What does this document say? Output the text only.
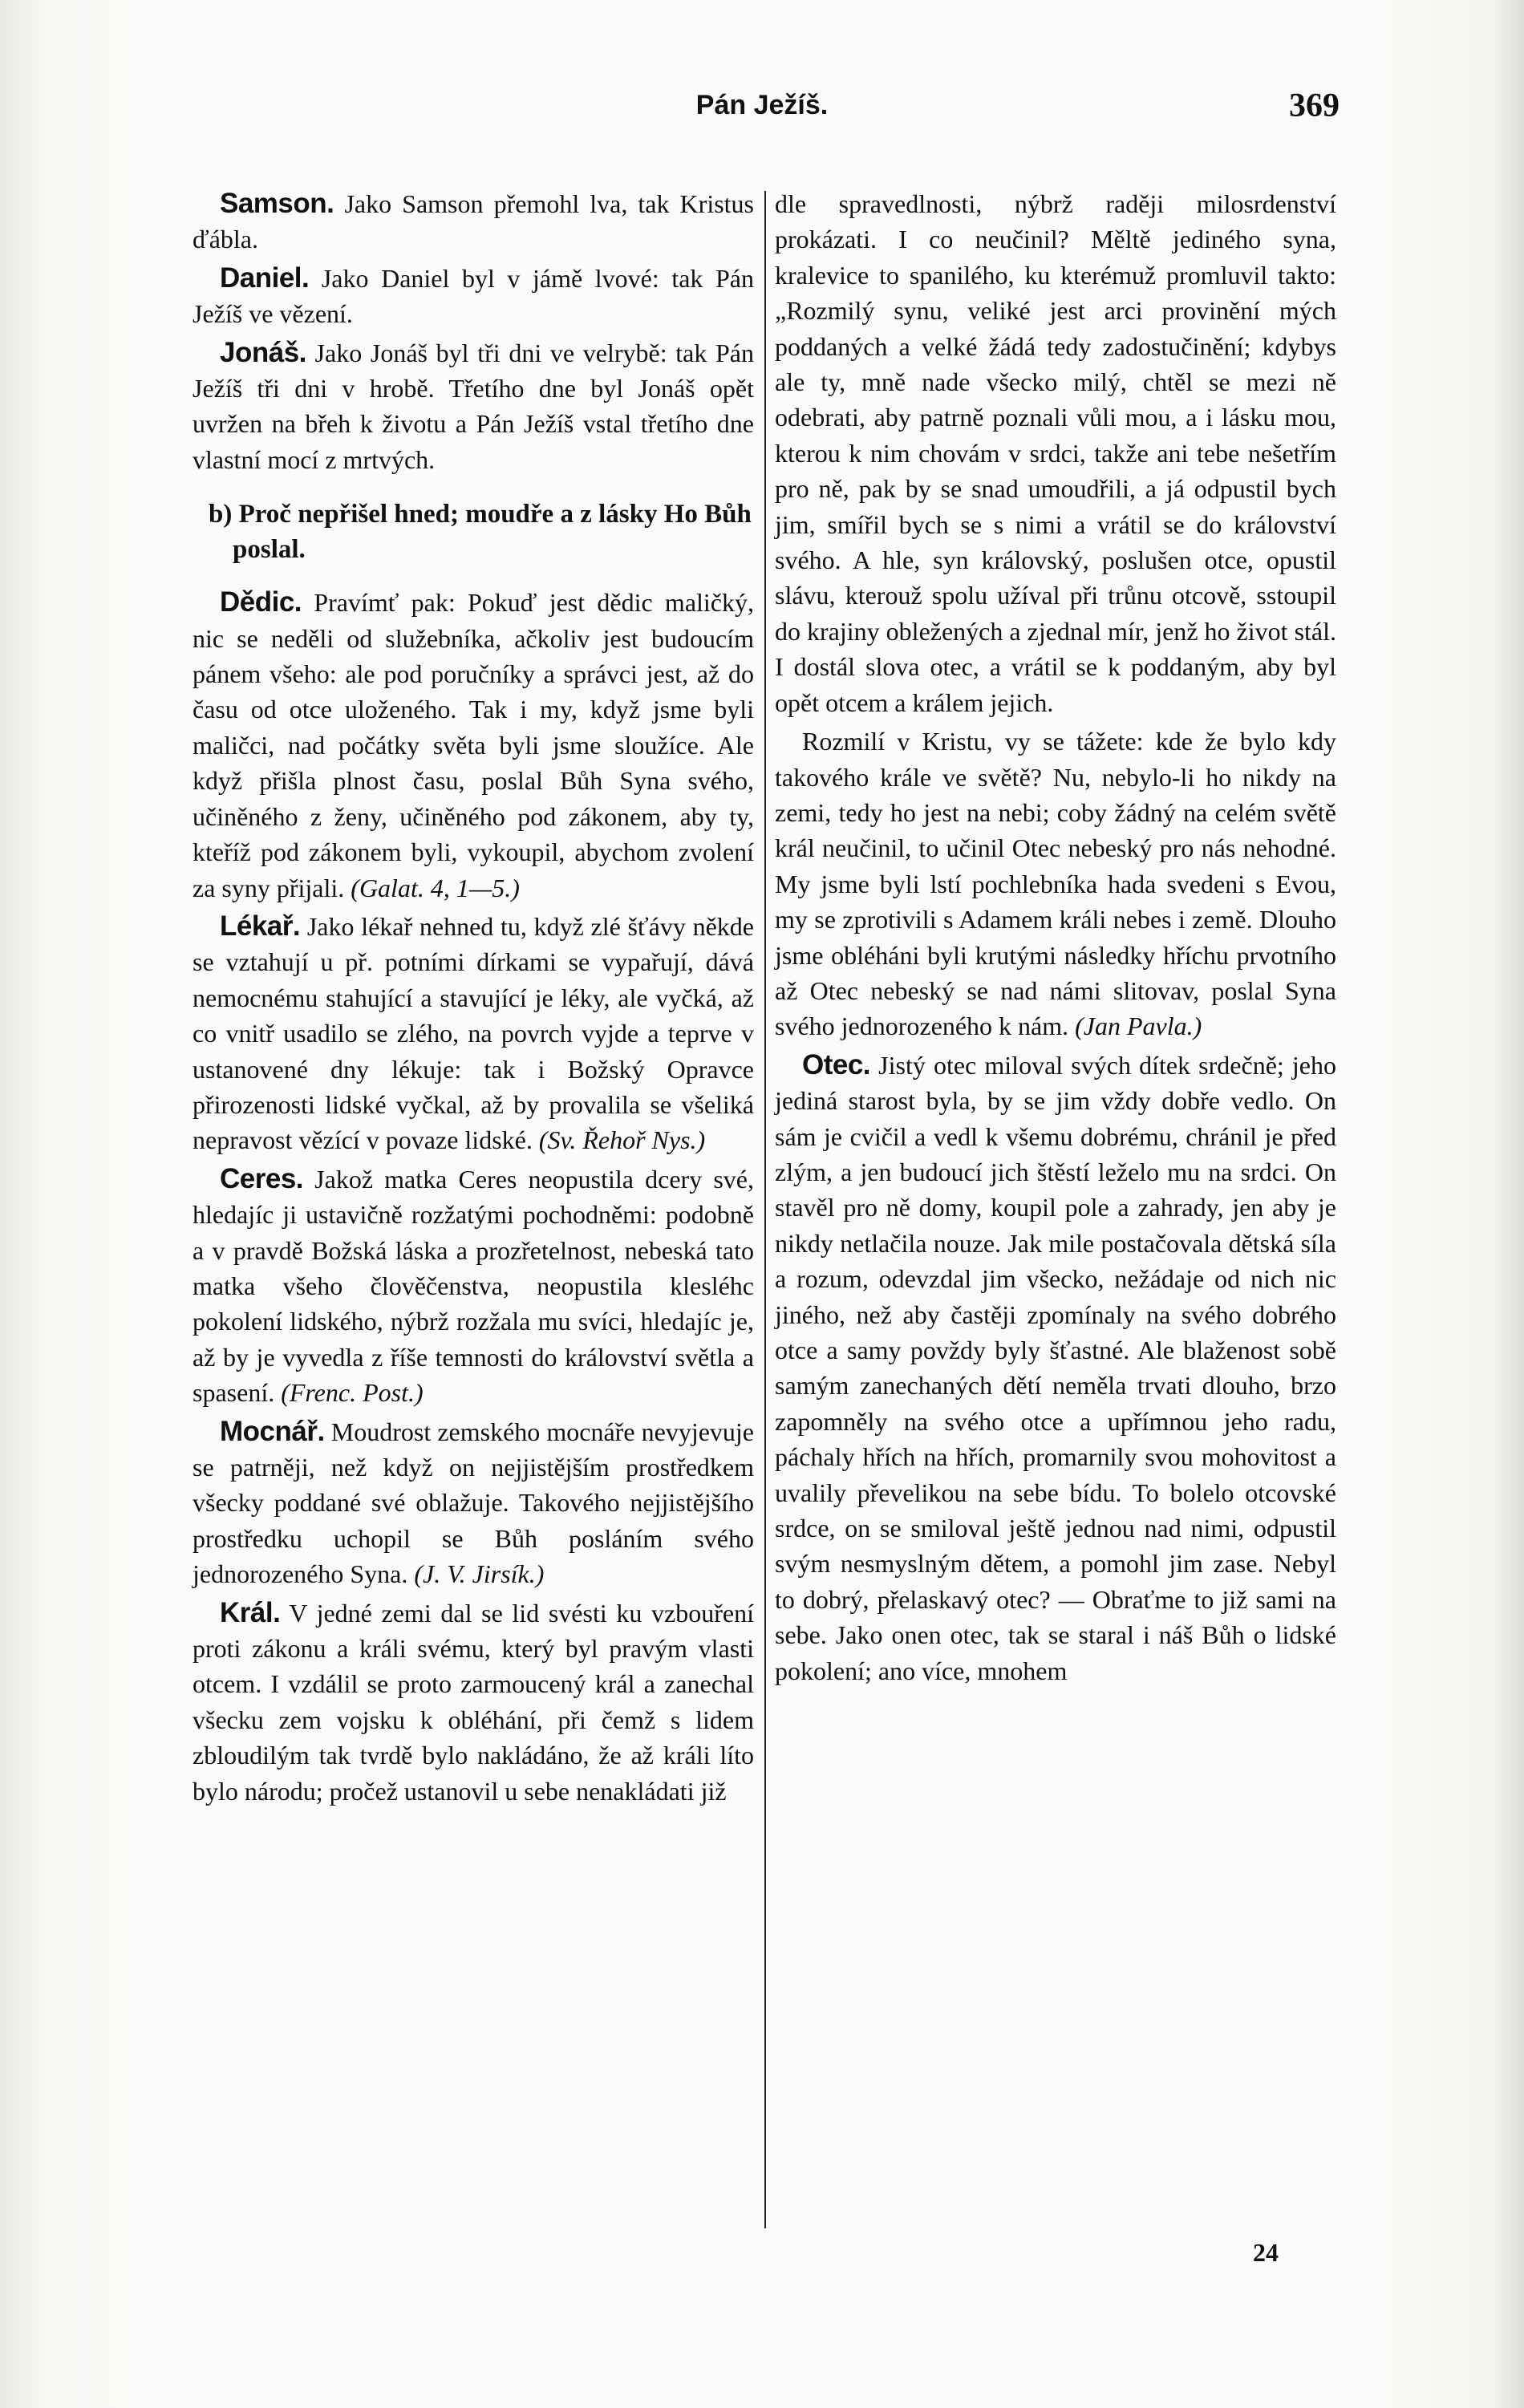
Pán Ježíš.	369

Samson. Jako Samson přemohl lva, tak Kristus ďábla.

Daniel. Jako Daniel byl v jámě lvové: tak Pán Ježíš ve vězení.

Jonáš. Jako Jonáš byl tři dni ve velrybě: tak Pán Ježíš tři dni v hrobě. Třetího dne byl Jonáš opět uvržen na břeh k životu a Pán Ježíš vstal třetího dne vlastní mocí z mrtvých.

b) Proč nepřišel hned; moudře a z lásky Ho Bůh poslal.

Dědic. Pravímť pak: Pokuď jest dědic maličký, nic se neděli od služebníka, ačkoliv jest budoucím pánem všeho: ale pod poručníky a správci jest, až do času od otce uloženého. Tak i my, když jsme byli maličci, nad počátky světa byli jsme sloužíce. Ale když přišla plnost času, poslal Bůh Syna svého, učiněného z ženy, učiněného pod zákonem, aby ty, kteříž pod zákonem byli, vykoupil, abychom zvolení za syny přijali. (Galat. 4, 1—5.)

Lékař. Jako lékař nehned tu, když zlé šťávy někde se vztahují u př. potními dírkami se vypařují, dává nemocnému stahující a stavující je léky, ale vyčká, až co vnitř usadilo se zlého, na povrch vyjde a teprve v ustanovené dny lékuje: tak i Božský Opravce přirozenosti lidské vyčkal, až by provalila se všeliká nepravost vězící v povaze lidské. (Sv. Řehoř Nys.)

Ceres. Jakož matka Ceres neopustila dcery své, hledajíc ji ustavičně rozžatými pochodněmi: podobně a v pravdě Božská láska a prozřetelnost, nebeská tato matka všeho člověčenstva, neopustila klesléhc pokolení lidského, nýbrž rozžala mu svíci, hledajíc je, až by je vyvedla z říše temnosti do království světla a spasení. (Frenc. Post.)

Mocnář. Moudrost zemského mocnáře nevyjevuje se patrněji, než když on nejjistějším prostředkem všecky poddané své oblažuje. Takového nejjistějšího prostředku uchopil se Bůh posláním svého jednorozeného Syna. (J. V. Jirsík.)

Král. V jedné zemi dal se lid svésti ku vzbouření proti zákonu a králi svému, který byl pravým vlasti otcem. I vzdálil se proto zarmoucený král a zanechal všecku zem vojsku k obléhání, při čemž s lidem zbloudilým tak tvrdě bylo nakládáno, že až králi líto bylo národu; pročež ustanovil u sebe nenakládati již

dle spravedlnosti, nýbrž raději milosrdenství prokázati. I co neučinil? Měltě jediného syna, kralevice to spanilého, ku kterémuž promluvil takto: „Rozmilý synu, veliké jest arci provinění mých poddaných a velké žádá tedy zadostučinění; kdybys ale ty, mně nade všecko milý, chtěl se mezi ně odebrati, aby patrně poznali vůli mou, a i lásku mou, kterou k nim chovám v srdci, takže ani tebe nešetřím pro ně, pak by se snad umoudřili, a já odpustil bych jim, smířil bych se s nimi a vrátil se do království svého. A hle, syn královský, poslušen otce, opustil slávu, kterouž spolu užíval při trůnu otcově, sstoupil do krajiny obležených a zjednal mír, jenž ho život stál. I dostál slova otec, a vrátil se k poddaným, aby byl opět otcem a králem jejich.

Rozmilí v Kristu, vy se tážete: kde že bylo kdy takového krále ve světě? Nu, nebylo-li ho nikdy na zemi, tedy ho jest na nebi; coby žádný na celém světě král neučinil, to učinil Otec nebeský pro nás nehodné. My jsme byli lstí pochlebníka hada svedeni s Evou, my se zprotivili s Adamem králi nebes i země. Dlouho jsme obléháni byli krutými následky hříchu prvotního až Otec nebeský se nad námi slitovav, poslal Syna svého jednorozeného k nám. (Jan Pavla.)

Otec. Jistý otec miloval svých dítek srdečně; jeho jediná starost byla, by se jim vždy dobře vedlo. On sám je cvičil a vedl k všemu dobrému, chránil je před zlým, a jen budoucí jich štěstí leželo mu na srdci. On stavěl pro ně domy, koupil pole a zahrady, jen aby je nikdy netlačila nouze. Jak mile postačovala dětská síla a rozum, odevzdal jim všecko, nežádaje od nich nic jiného, než aby častěji zpomínaly na svého dobrého otce a samy povždy byly šťastné. Ale blaženost sobě samým zanechaných dětí neměla trvati dlouho, brzo zapomněly na svého otce a upřímnou jeho radu, páchaly hřích na hřích, promarnily svou mohovitost a uvalily převelikou na sebe bídu. To bolelo otcovské srdce, on se smiloval ještě jednou nad nimi, odpustil svým nesmyslným dětem, a pomohl jim zase. Nebyl to dobrý, přelaskavý otec? — Obraťme to již sami na sebe. Jako onen otec, tak se staral i náš Bůh o lidské pokolení; ano více, mnohem

24
